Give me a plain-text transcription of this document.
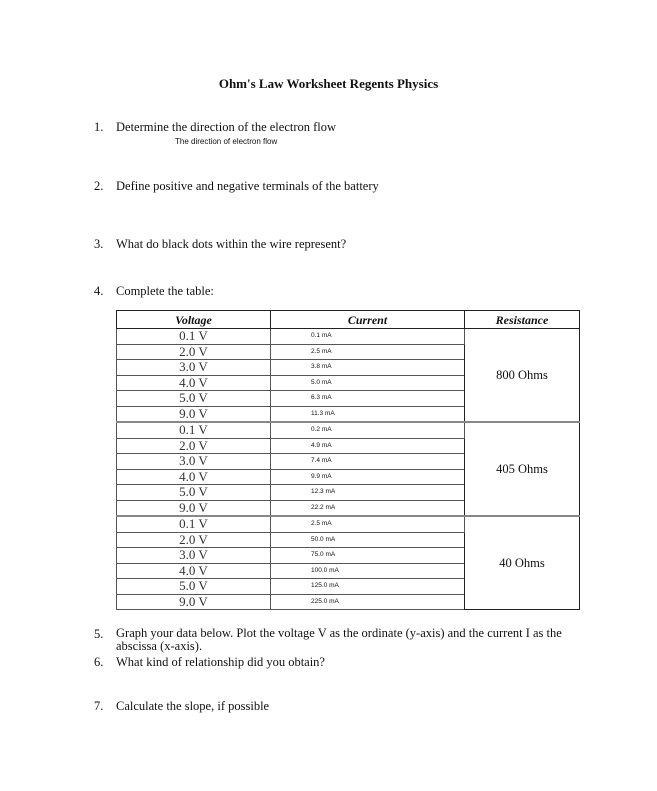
Ohm's Law Worksheet Regents Physics
1. Determine the direction of the electron flow
The direction of electron flow
2. Define positive and negative terminals of the battery
3. What do black dots within the wire represent?
4. Complete the table:
Voltage	Current	Resistance
0.1 V	0.1 mA	800 Ohms
2.0 V	2.5 mA	
3.0 V	3.8 mA	
4.0 V	5.0 mA	
5.0 V	6.3 mA	
9.0 V	11.3 mA	
0.1 V	0.2 mA	405 Ohms
2.0 V	4.9 mA	
3.0 V	7.4 mA	
4.0 V	9.9 mA	
5.0 V	12.3 mA	
9.0 V	22.2 mA	
0.1 V	2.5 mA	40 Ohms
2.0 V	50.0 mA	
3.0 V	75.0 mA	
4.0 V	100.0 mA	
5.0 V	125.0 mA	
9.0 V	225.0 mA	
5.	Graph your data below. Plot the voltage V as the ordinate (y-axis) and the current I as the abscissa (x-axis).
6. What kind of relationship did you obtain?
7. Calculate the slope, if possible
